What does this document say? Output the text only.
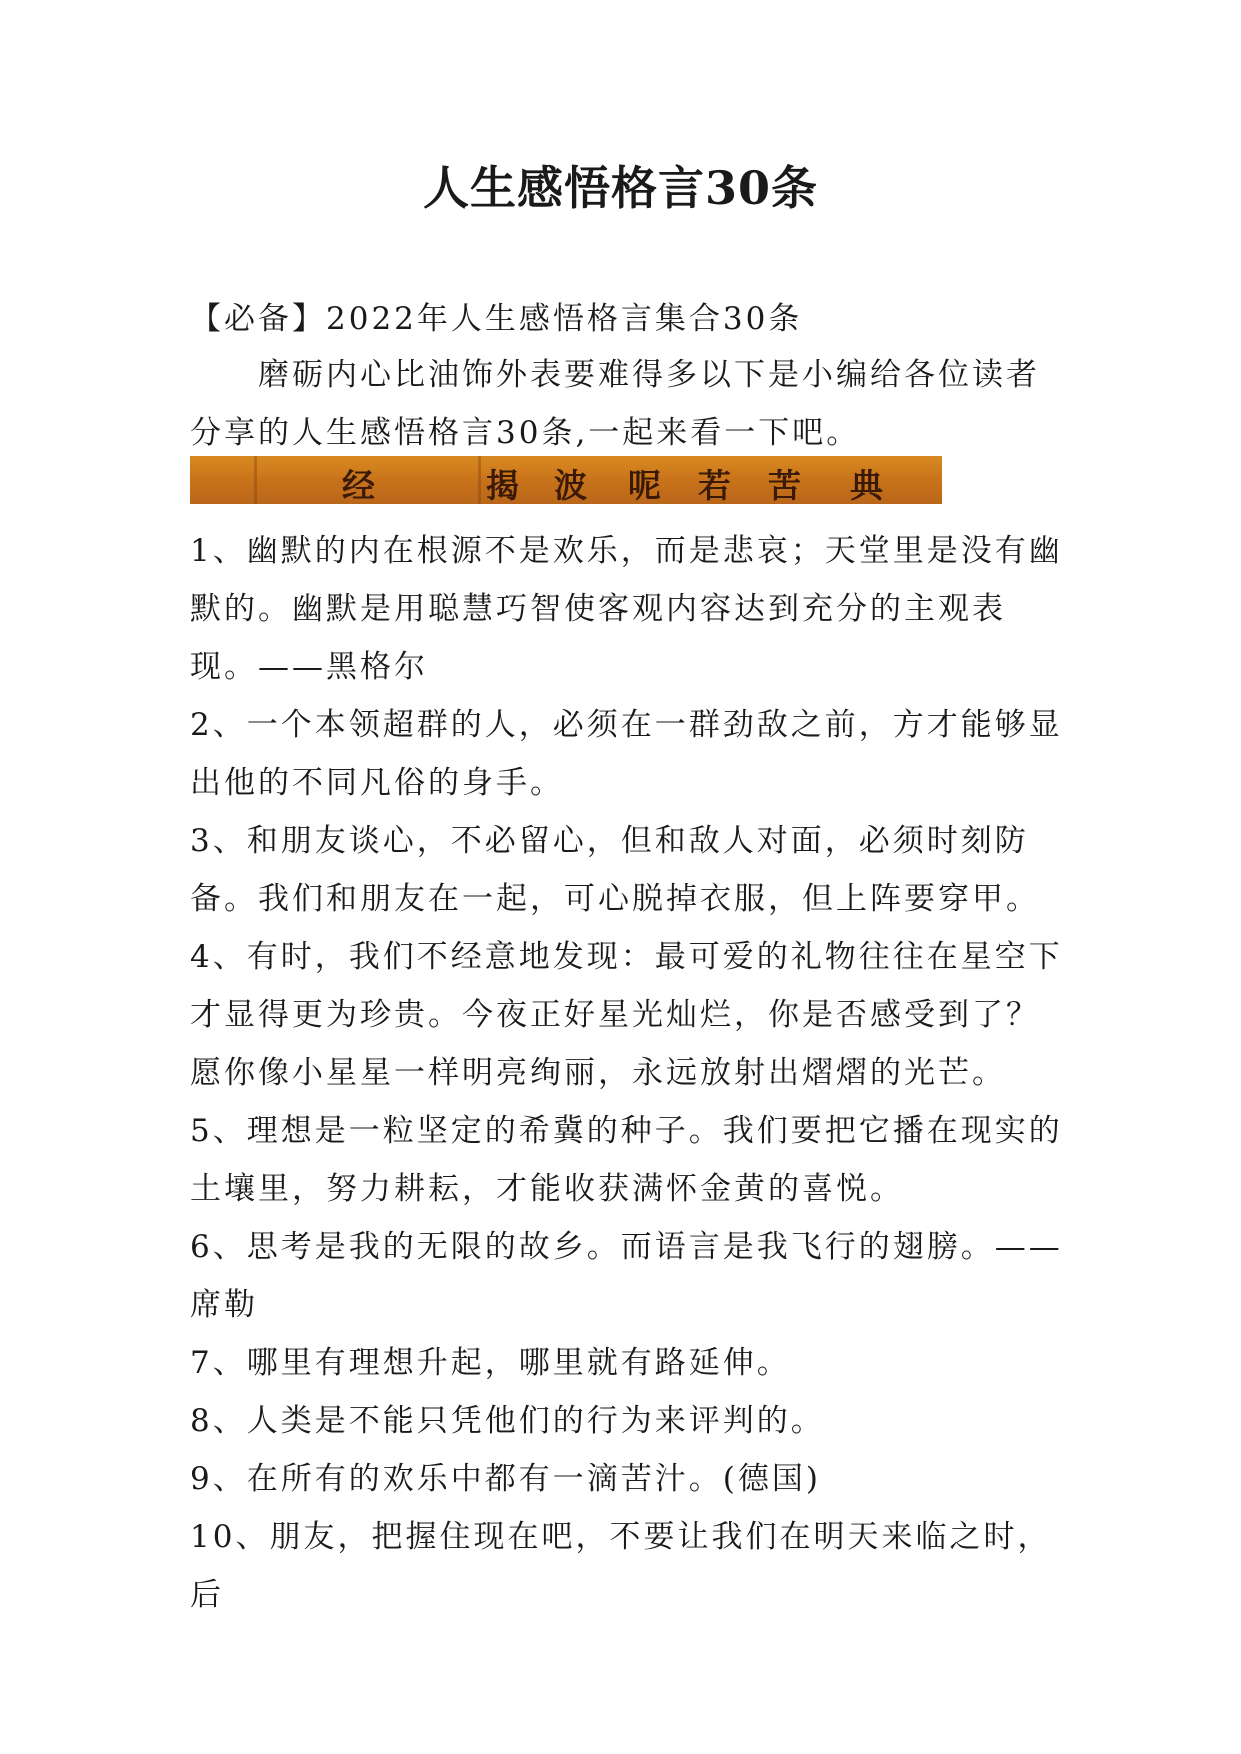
人生感悟格言30条
【必备】2022年人生感悟格言集合30条
磨砺内心比油饰外表要难得多以下是小编给各位读者分享的人生感悟格言30条,一起来看一下吧。
经	揭 波 呢 若 苦 典
1、幽默的内在根源不是欢乐，而是悲哀；天堂里是没有幽默的。幽默是用聪慧巧智使客观内容达到充分的主观表现。——黑格尔
2、一个本领超群的人，必须在一群劲敌之前，方才能够显出他的不同凡俗的身手。
3、和朋友谈心，不必留心，但和敌人对面，必须时刻防备。我们和朋友在一起，可心脱掉衣服，但上阵要穿甲。
4、有时，我们不经意地发现：最可爱的礼物往往在星空下才显得更为珍贵。今夜正好星光灿烂，你是否感受到了？愿你像小星星一样明亮绚丽，永远放射出熠熠的光芒。
5、理想是一粒坚定的希冀的种子。我们要把它播在现实的土壤里，努力耕耘，才能收获满怀金黄的喜悦。
6、思考是我的无限的故乡。而语言是我飞行的翅膀。——席勒
7、哪里有理想升起，哪里就有路延伸。
8、人类是不能只凭他们的行为来评判的。
9、在所有的欢乐中都有一滴苦汁。(德国)
10、朋友，把握住现在吧，不要让我们在明天来临之时，后
